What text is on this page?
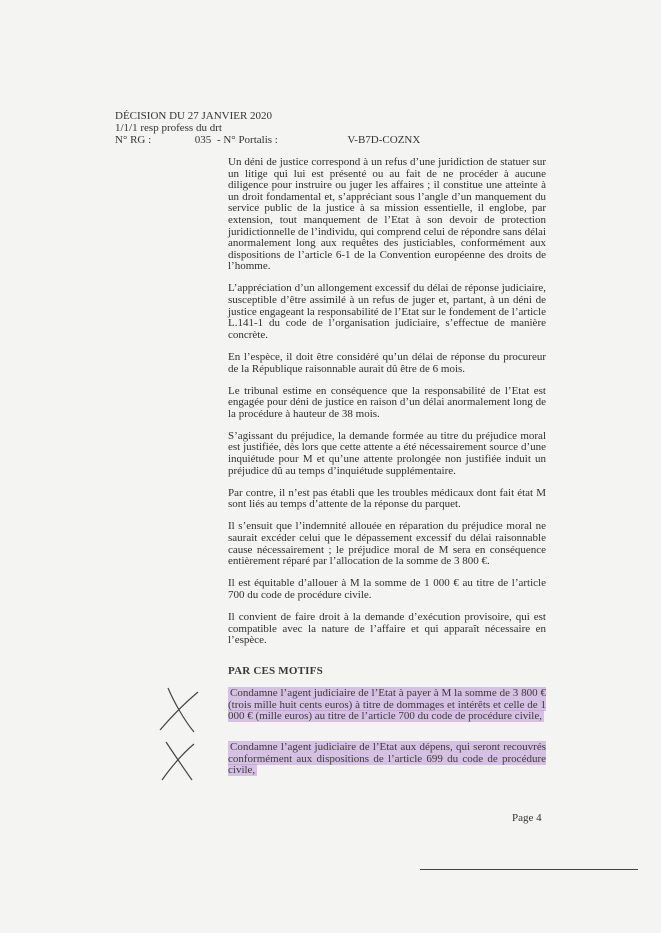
DÉCISION DU 27 JANVIER 2020
1/1/1 resp profess du drt
N° RG :	035 - N° Portalis :	V-B7D-COZNX

Un déni de justice correspond à un refus d’une juridiction de statuer sur un litige qui lui est présenté ou au fait de ne procéder à aucune diligence pour instruire ou juger les affaires ; il constitue une atteinte à un droit fondamental et, s’appréciant sous l’angle d’un manquement du service public de la justice à sa mission essentielle, il englobe, par extension, tout manquement de l’Etat à son devoir de protection juridictionnelle de l’individu, qui comprend celui de répondre sans délai anormalement long aux requêtes des justiciables, conformément aux dispositions de l’article 6-1 de la Convention européenne des droits de l’homme.

L’appréciation d’un allongement excessif du délai de réponse judiciaire, susceptible d’être assimilé à un refus de juger et, partant, à un déni de justice engageant la responsabilité de l’Etat sur le fondement de l’article L.141-1 du code de l’organisation judiciaire, s’effectue de manière concrète.

En l’espèce, il doit être considéré qu’un délai de réponse du procureur de la République raisonnable aurait dû être de 6 mois.

Le tribunal estime en conséquence que la responsabilité de l’Etat est engagée pour déni de justice en raison d’un délai anormalement long de la procédure à hauteur de 38 mois.

S’agissant du préjudice, la demande formée au titre du préjudice moral est justifiée, dès lors que cette attente a été nécessairement source d’une inquiétude pour M et qu’une attente prolongée non justifiée induit un préjudice dû au temps d’inquiétude supplémentaire.

Par contre, il n’est pas établi que les troubles médicaux dont fait état M sont liés au temps d’attente de la réponse du parquet.

Il s’ensuit que l’indemnité allouée en réparation du préjudice moral ne saurait excéder celui que le dépassement excessif du délai raisonnable cause nécessairement ; le préjudice moral de M sera en conséquence entièrement réparé par l’allocation de la somme de 3 800 €.

Il est équitable d’allouer à M la somme de 1 000 € au titre de l’article 700 du code de procédure civile.

Il convient de faire droit à la demande d’exécution provisoire, qui est compatible avec la nature de l’affaire et qui apparaît nécessaire en l’espèce.

PAR CES MOTIFS
Condamne l’agent judiciaire de l’Etat à payer à M la somme de 3 800 € (trois mille huit cents euros) à titre de dommages et intérêts et celle de 1 000 € (mille euros) au titre de l’article 700 du code de procédure civile,
Condamne l’agent judiciaire de l’Etat aux dépens, qui seront recouvrés conformément aux dispositions de l’article 699 du code de procédure civile,
Page 4
